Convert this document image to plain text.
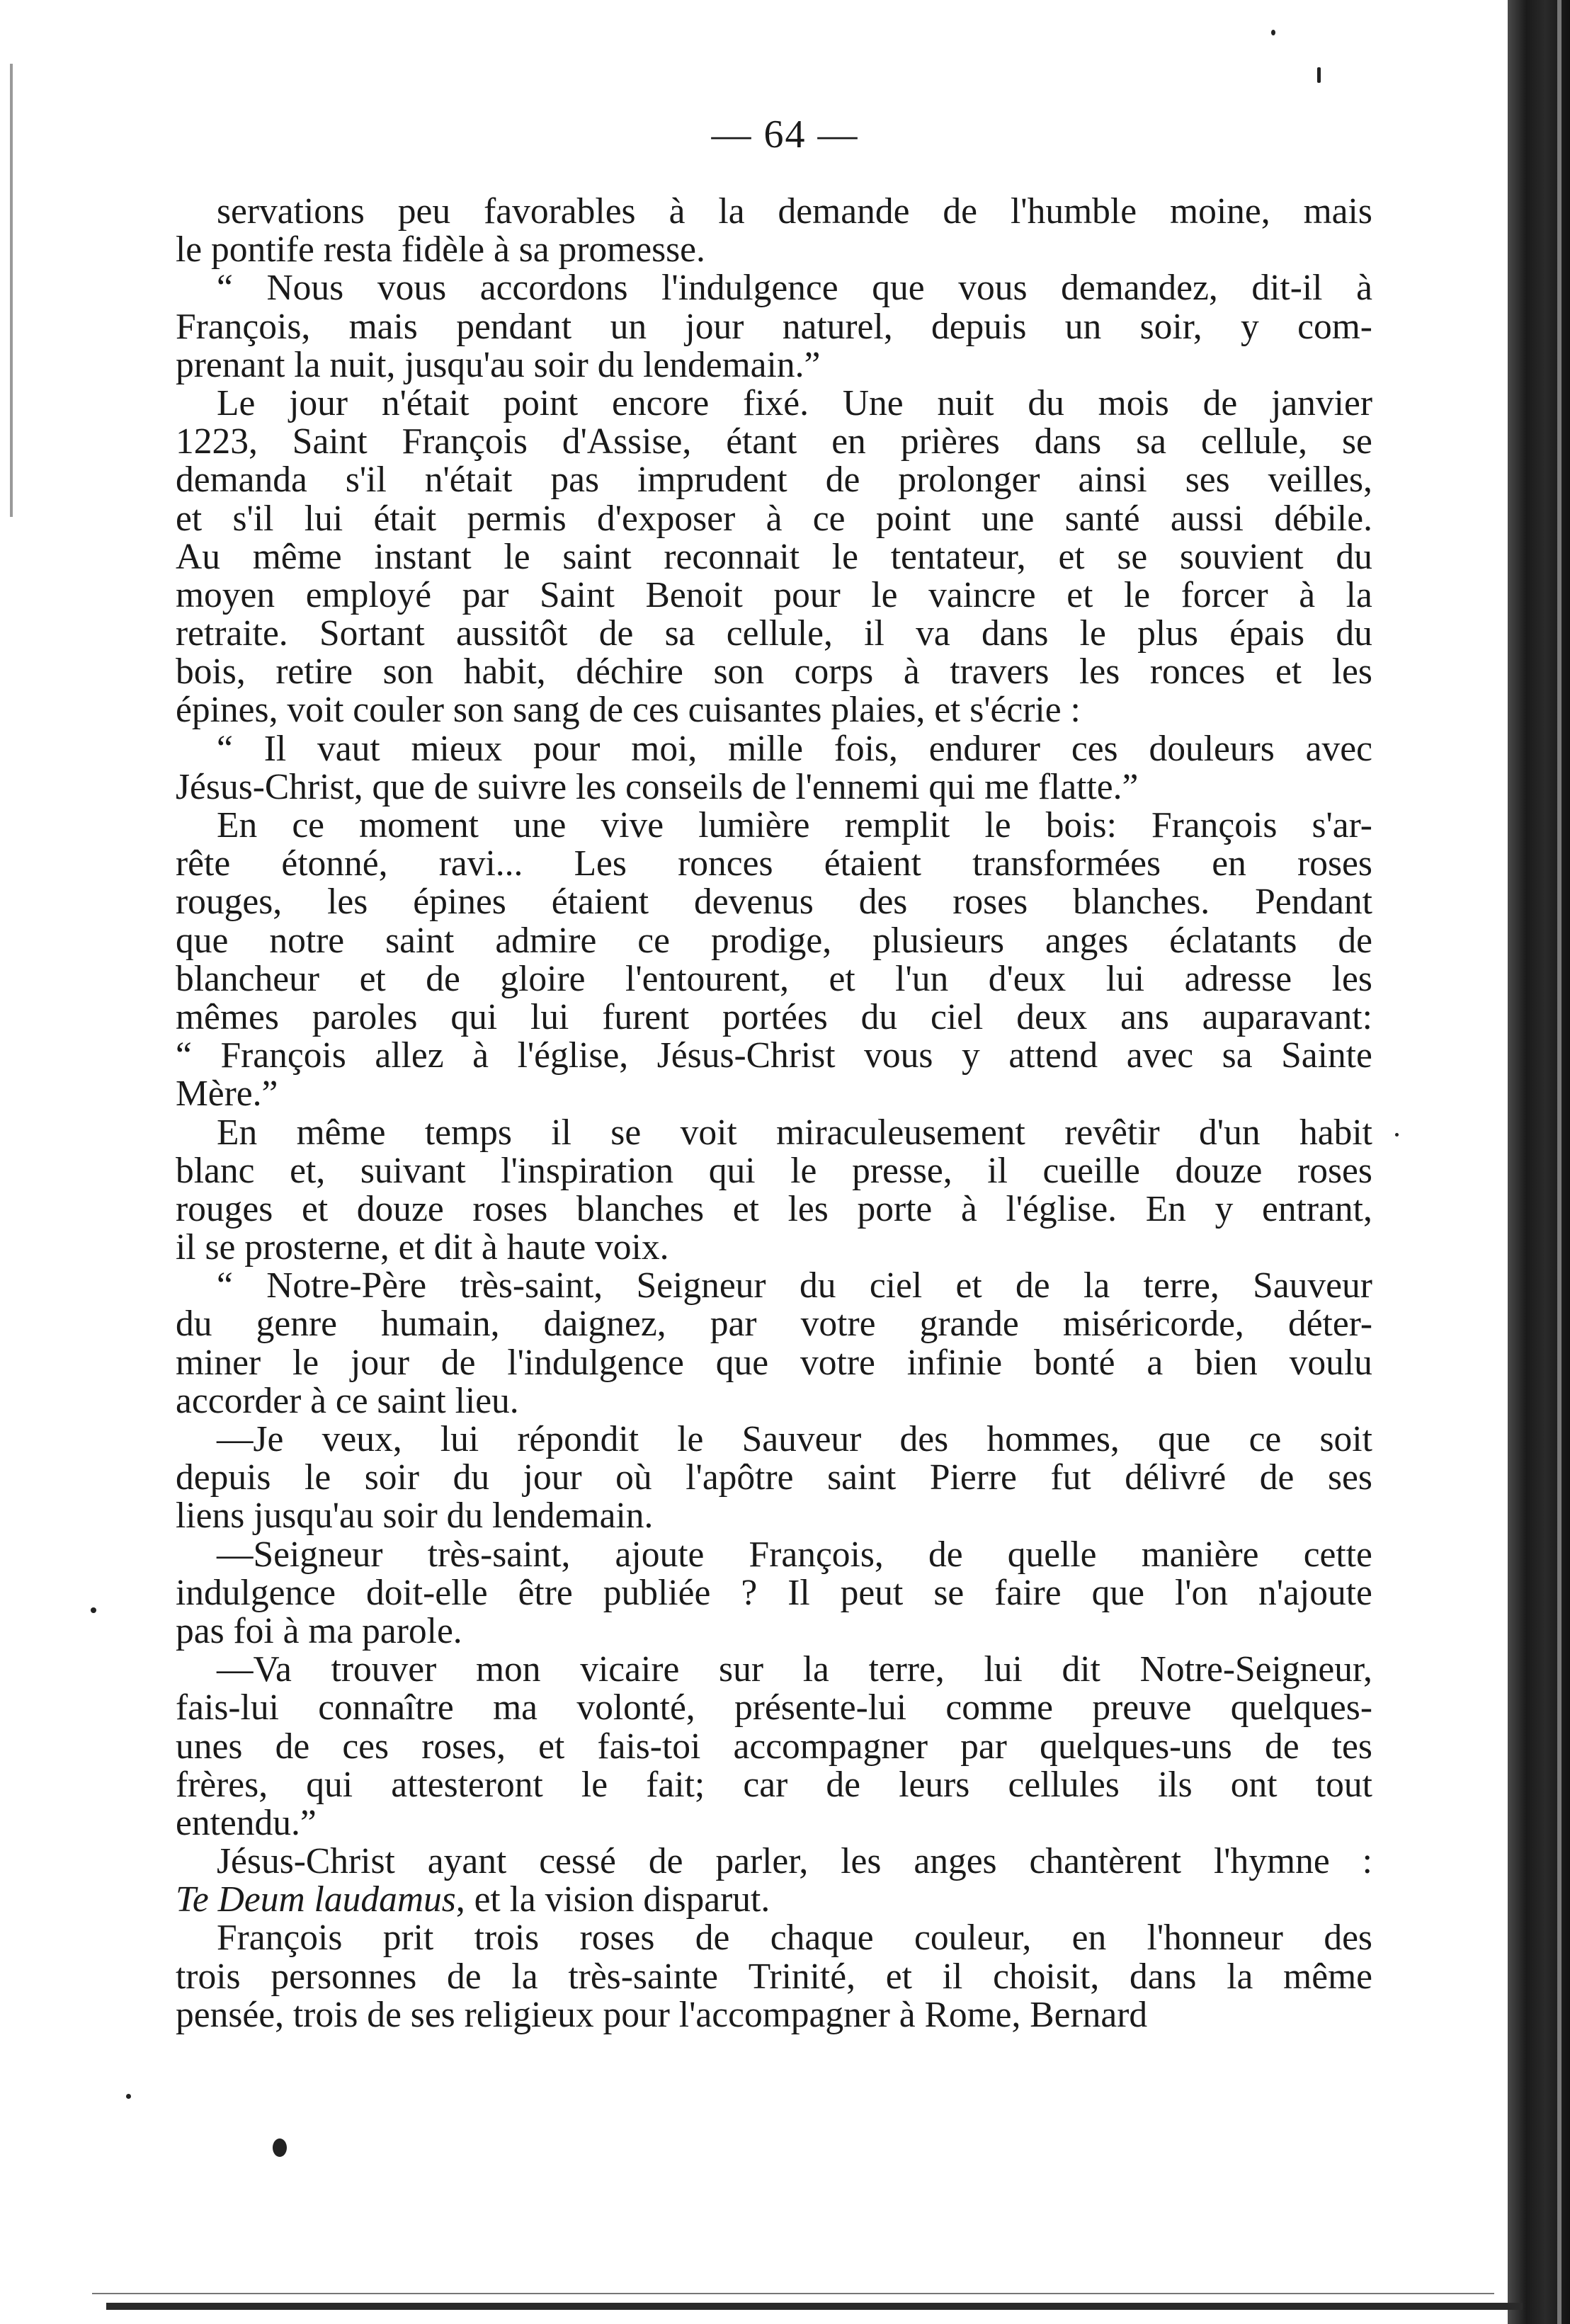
— 64 —
servations peu favorables à la demande de l'humble moine, mais
le pontife resta fidèle à sa promesse.
“ Nous vous accordons l'indulgence que vous demandez, dit-il à
François, mais pendant un jour naturel, depuis un soir, y com-
prenant la nuit, jusqu'au soir du lendemain.”
Le jour n'était point encore fixé. Une nuit du mois de janvier
1223, Saint François d'Assise, étant en prières dans sa cellule, se
demanda s'il n'était pas imprudent de prolonger ainsi ses veilles,
et s'il lui était permis d'exposer à ce point une santé aussi débile.
Au même instant le saint reconnait le tentateur, et se souvient du
moyen employé par Saint Benoit pour le vaincre et le forcer à la
retraite. Sortant aussitôt de sa cellule, il va dans le plus épais du
bois, retire son habit, déchire son corps à travers les ronces et les
épines, voit couler son sang de ces cuisantes plaies, et s'écrie :
“ Il vaut mieux pour moi, mille fois, endurer ces douleurs avec
Jésus-Christ, que de suivre les conseils de l'ennemi qui me flatte.”
En ce moment une vive lumière remplit le bois: François s'ar-
rête étonné, ravi... Les ronces étaient transformées en roses
rouges, les épines étaient devenus des roses blanches. Pendant
que notre saint admire ce prodige, plusieurs anges éclatants de
blancheur et de gloire l'entourent, et l'un d'eux lui adresse les
mêmes paroles qui lui furent portées du ciel deux ans auparavant:
“ François allez à l'église, Jésus-Christ vous y attend avec sa Sainte
Mère.”
En même temps il se voit miraculeusement revêtir d'un habit
blanc et, suivant l'inspiration qui le presse, il cueille douze roses
rouges et douze roses blanches et les porte à l'église. En y entrant,
il se prosterne, et dit à haute voix.
“ Notre-Père très-saint, Seigneur du ciel et de la terre, Sauveur
du genre humain, daignez, par votre grande miséricorde, déter-
miner le jour de l'indulgence que votre infinie bonté a bien voulu
accorder à ce saint lieu.
—Je veux, lui répondit le Sauveur des hommes, que ce soit
depuis le soir du jour où l'apôtre saint Pierre fut délivré de ses
liens jusqu'au soir du lendemain.
—Seigneur très-saint, ajoute François, de quelle manière cette
indulgence doit-elle être publiée ? Il peut se faire que l'on n'ajoute
pas foi à ma parole.
—Va trouver mon vicaire sur la terre, lui dit Notre-Seigneur,
fais-lui connaître ma volonté, présente-lui comme preuve quelques-
unes de ces roses, et fais-toi accompagner par quelques-uns de tes
frères, qui attesteront le fait; car de leurs cellules ils ont tout
entendu.”
Jésus-Christ ayant cessé de parler, les anges chantèrent l'hymne :
Te Deum laudamus , et la vision disparut.
François prit trois roses de chaque couleur, en l'honneur des
trois personnes de la très-sainte Trinité, et il choisit, dans la même
pensée, trois de ses religieux pour l'accompagner à Rome, Bernard
